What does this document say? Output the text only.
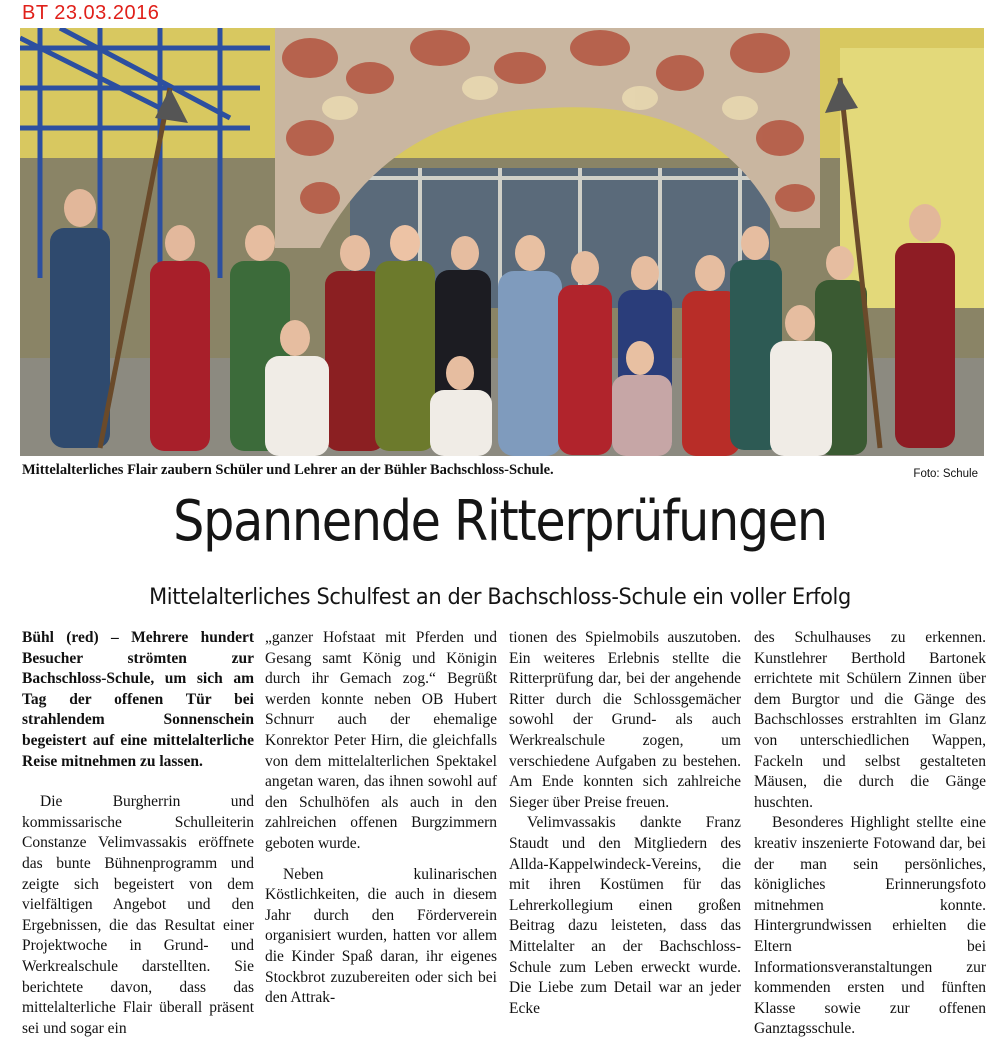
BT 23.03.2016
Mittelalterliches Flair zaubern Schüler und Lehrer an der Bühler Bachschloss-Schule.	Foto: Schule
Spannende Ritterprüfungen
Mittelalterliches Schulfest an der Bachschloss-Schule ein voller Erfolg

Bühl (red) – Mehrere hundert Besucher strömten zur Bachschloss-Schule, um sich am Tag der offenen Tür bei strahlendem Sonnenschein begeistert auf eine mittelalterliche Reise mitnehmen zu lassen.

Die Burgherrin und kommissarische Schulleiterin Constanze Velimvassakis eröffnete das bunte Bühnenprogramm und zeigte sich begeistert von dem vielfältigen Angebot und den Ergebnissen, die das Resultat einer Projektwoche in Grund- und Werkrealschule darstellten. Sie berichtete davon, dass das mittelalterliche Flair überall präsent sei und sogar ein

„ganzer Hofstaat mit Pferden und Gesang samt König und Königin durch ihr Gemach zog.“ Begrüßt werden konnte neben OB Hubert Schnurr auch der ehemalige Konrektor Peter Hirn, die gleichfalls von dem mittelalterlichen Spektakel angetan waren, das ihnen sowohl auf den Schulhöfen als auch in den zahlreichen offenen Burgzimmern geboten wurde.

Neben kulinarischen Köstlichkeiten, die auch in diesem Jahr durch den Förderverein organisiert wurden, hatten vor allem die Kinder Spaß daran, ihr eigenes Stockbrot zuzubereiten oder sich bei den Attrak-

tionen des Spielmobils auszutoben. Ein weiteres Erlebnis stellte die Ritterprüfung dar, bei der angehende Ritter durch die Schlossgemächer sowohl der Grund- als auch Werkrealschule zogen, um verschiedene Aufgaben zu bestehen. Am Ende konnten sich zahlreiche Sieger über Preise freuen.

Velimvassakis dankte Franz Staudt und den Mitgliedern des Allda-Kappelwindeck-Vereins, die mit ihren Kostümen für das Lehrerkollegium einen großen Beitrag dazu leisteten, dass das Mittelalter an der Bachschloss-Schule zum Leben erweckt wurde. Die Liebe zum Detail war an jeder Ecke

des Schulhauses zu erkennen. Kunstlehrer Berthold Bartonek errichtete mit Schülern Zinnen über dem Burgtor und die Gänge des Bachschlosses erstrahlten im Glanz von unterschiedlichen Wappen, Fackeln und selbst gestalteten Mäusen, die durch die Gänge huschten.

Besonderes Highlight stellte eine kreativ inszenierte Fotowand dar, bei der man sein persönliches, königliches Erinnerungsfoto mitnehmen konnte. Hintergrundwissen erhielten die Eltern bei Informationsveranstaltungen zur kommenden ersten und fünften Klasse sowie zur offenen Ganztagsschule.
